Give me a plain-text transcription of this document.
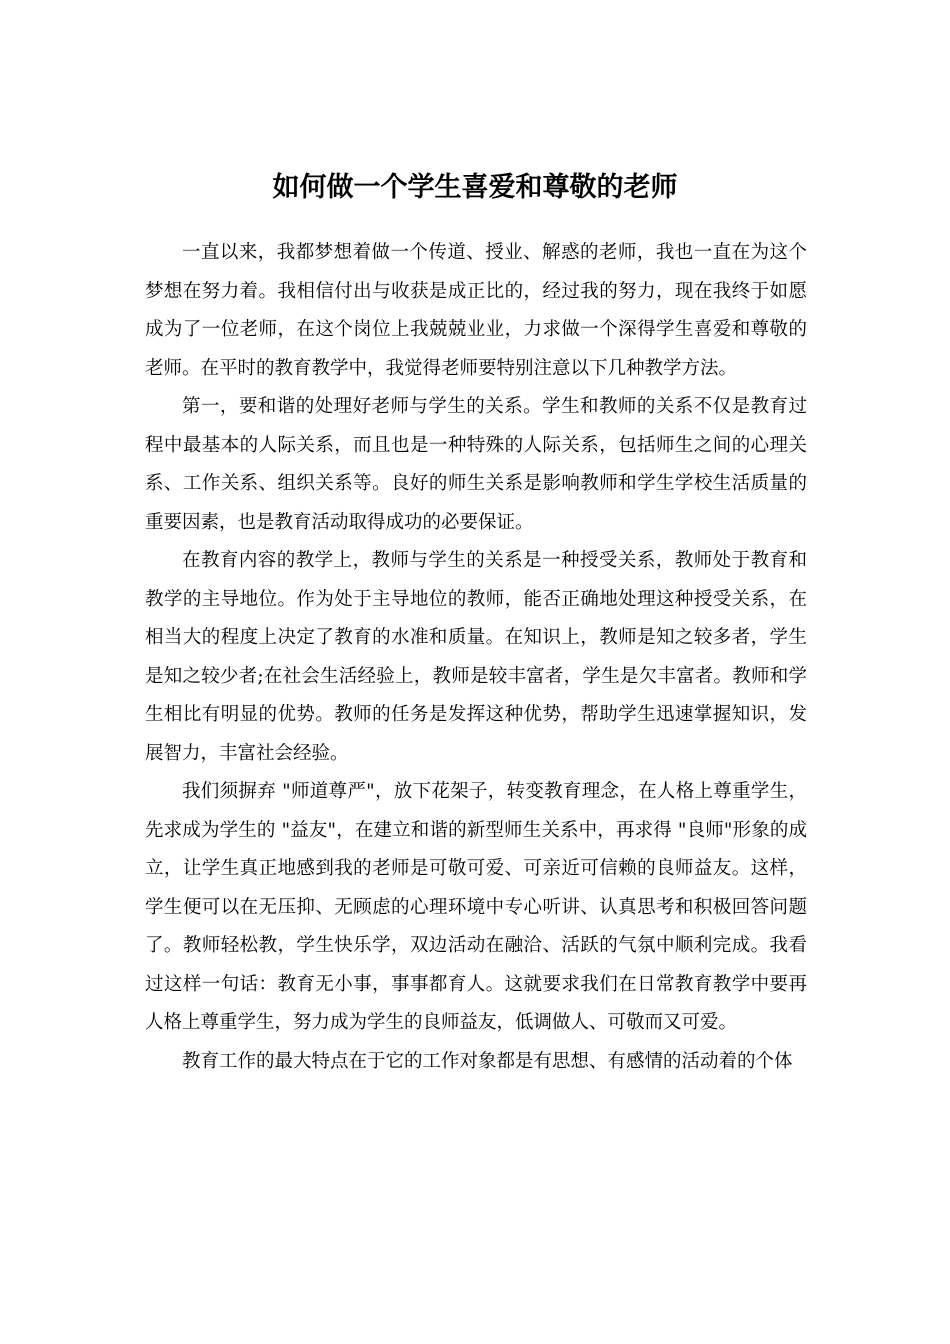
如何做一个学生喜爱和尊敬的老师

一直以来，我都梦想着做一个传道、授业、解惑的老师，我也一直在为这个梦想在努力着。我相信付出与收获是成正比的，经过我的努力，现在我终于如愿成为了一位老师，在这个岗位上我兢兢业业，力求做一个深得学生喜爱和尊敬的老师。在平时的教育教学中，我觉得老师要特别注意以下几种教学方法。

第一，要和谐的处理好老师与学生的关系。学生和教师的关系不仅是教育过程中最基本的人际关系，而且也是一种特殊的人际关系，包括师生之间的心理关系、工作关系、组织关系等。良好的师生关系是影响教师和学生学校生活质量的重要因素，也是教育活动取得成功的必要保证。

在教育内容的教学上，教师与学生的关系是一种授受关系，教师处于教育和教学的主导地位。作为处于主导地位的教师，能否正确地处理这种授受关系，在相当大的程度上决定了教育的水准和质量。在知识上，教师是知之较多者，学生是知之较少者;在社会生活经验上，教师是较丰富者，学生是欠丰富者。教师和学生相比有明显的优势。教师的任务是发挥这种优势，帮助学生迅速掌握知识，发展智力，丰富社会经验。

我们须摒弃 "师道尊严"，放下花架子，转变教育理念，在人格上尊重学生，先求成为学生的 "益友"，在建立和谐的新型师生关系中，再求得 "良师"形象的成立，让学生真正地感到我的老师是可敬可爱、可亲近可信赖的良师益友。这样，学生便可以在无压抑、无顾虑的心理环境中专心听讲、认真思考和积极回答问题了。教师轻松教，学生快乐学，双边活动在融洽、活跃的气氛中顺利完成。我看过这样一句话：教育无小事，事事都育人。这就要求我们在日常教育教学中要再人格上尊重学生，努力成为学生的良师益友，低调做人、可敬而又可爱。

教育工作的最大特点在于它的工作对象都是有思想、有感情的活动着的个体
